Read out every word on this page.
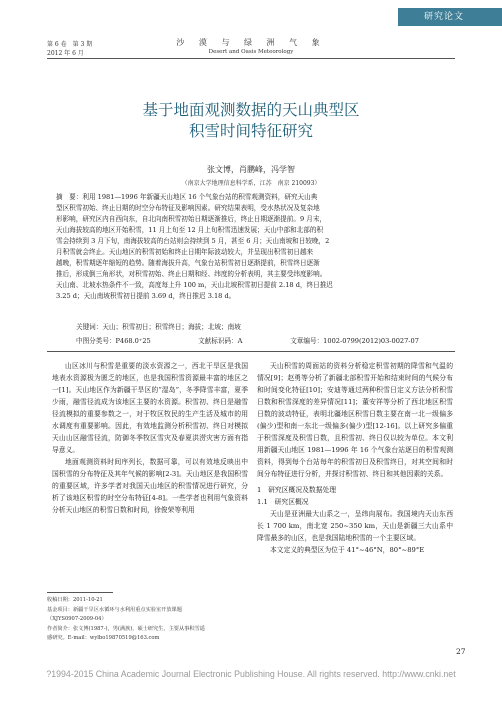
研究论文
第 6 卷　第 3 期
2012 年 6 月
沙 漠 与 绿 洲 气 象
Desert and Oasis Meteorology
基于地面观测数据的天山典型区
积雪时间特征研究
张文博，肖鹏峰，冯学智
（南京大学地理信息科学系，江苏　南京 210093）

摘　要：利用 1981—1996 年新疆天山地区 16 个气象台站的积雪观测资料，研究天山典

型区积雪初始、终止日期的时空分布特征及影响因素。研究结果表明，受水热状况及复杂地

形影响，研究区内自西向东，自北向南积雪初始日期逐渐推后，终止日期逐渐提前。9 月末，

天山海拔较高的地区开始积雪，11 月上旬至 12 月上旬积雪迅速发展；天山中部和北部的积

雪会持续到 3 月下旬，南海拔较高的台站则会持续到 5 月，甚至 6 月；天山南坡和日较晚，2

月积雪就会终止。天山地区的积雪初始和终止日期年际波动较大，并呈现出积雪初日越来

越晚，积雪期逐年缩短的趋势。随着海拔升高，气象台站积雪初日逐渐提前，积雪终日逐渐

推后，形成倒三角形状，对积雪初始、终止日期和经、纬度的分析表明，其主要受纬度影响。

天山南、北坡水热条件不一致，高度每上升 100 m，天山北坡积雪初日提前 2.18 d，终日推迟

3.25 d；天山南坡积雪初日提前 3.69 d，终日推迟 3.18 d。

关键词：天山；积雪初日；积雪终日；海拔；北坡；南坡
中图分类号：P468.0⁺25	文献标识码：A	文章编号：1002-0799(2012)03-0027-07

山区冰川与积雪是重要的淡水资源之一，西北干旱区是我国地表水资源极为匮乏的地区，也是我国积雪资源最丰富的地区之一[1]。天山地区作为新疆干旱区的“湿岛”，冬季降雪丰富，夏季少雨，融雪径流成为该地区主要的水资源。积雪初、终日是融雪径流模拟的重要参数之一，对于牧区牧民的生产生活及城市的用水调度有重要影响。因此，有效地监测分析积雪初、终日对模拟天山山区融雪径流，防御冬季牧区雪灾及春夏洪涝灾害方面有指导意义。

地面观测资料时间序列长，数据可靠，可以有效地反映出中国积雪的分布特征及其年气候的影响[2-3]。天山地区是我国积雪的重要区域，许多学者对我国天山地区的积雪情况进行研究，分析了该地区积雪的时空分布特征[4-8]。一些学者也利用气象资料分析天山地区的积雪日数和时间，徐俊荣等利用

收稿日期：2011-10-21
基金项目：新疆干旱区水循环与水利用重点实验室开放课题
（XJYS0907-2009-04）
作者简介：张文博(1987-)，男(满族)，硕士研究生，主要从事积雪遥
感研究。E-mail：wylbo19870519@163.com

天山积雪的周面站的资料分析稳定积雪初期的降雪和气温的情况[9]；赵勇等分析了新疆北部积雪开始和结束时间的气候分布和时间变化特征[10]；安迪等通过两种积雪日定义方法分析积雪日数和积雪深度的差异情况[11]；董安祥等分析了西北地区积雪日数的波动特征，表明北疆地区积雪日数主要在南一北一级偏多(偏少)型和南一东北一级偏多(偏少)型[12-16]。以上研究多偏重于积雪深度及积雪日数，且积雪初、终日仅以较为单位。本文利用新疆天山地区 1981—1996 年 16 个气象台站逐日的积雪观测资料，得到每个台站每年的积雪初日及积雪终日，对其空间和时间分布特征进行分析，并探讨积雪初、终日和其他因素的关系。

1　研究区概况及数据处理

1.1　研究区概况

天山是亚洲最大山系之一，呈纬向展布。我国境内天山东西长 1 700 km，南北宽 250~350 km，天山是新疆三大山系中降雪最多的山区，也是我国陆地积雪的一个主要区域。

本文定义的典型区为位于 41°~46°N，80°~89°E

27
?1994-2015 China Academic Journal Electronic Publishing House. All rights reserved. http://www.cnki.net
